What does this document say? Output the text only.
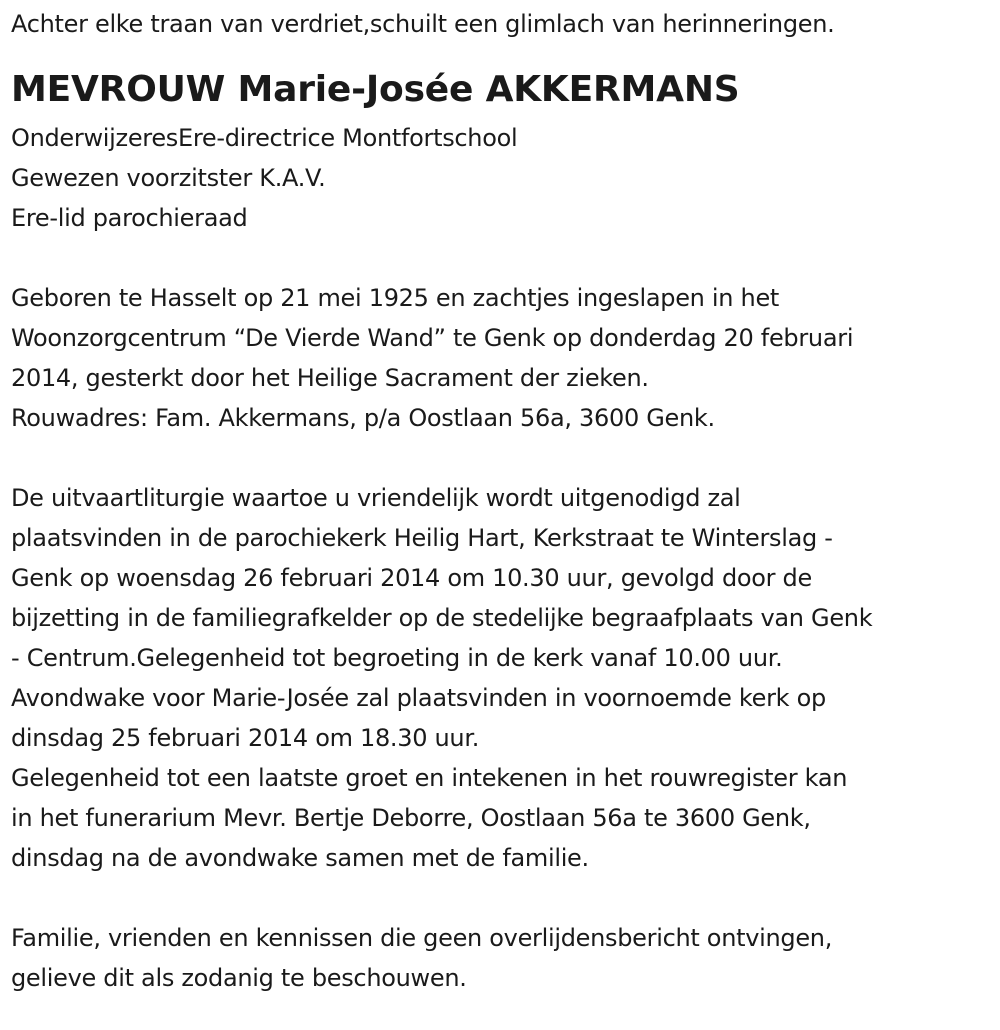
Achter elke traan van verdriet,schuilt een glimlach van herinneringen.

MEVROUW Marie-Josée AKKERMANS

OnderwijzeresEre-directrice Montfortschool

Gewezen voorzitster K.A.V.

Ere-lid parochieraad

Geboren te Hasselt op 21 mei 1925 en zachtjes ingeslapen in het

Woonzorgcentrum “De Vierde Wand” te Genk op donderdag 20 februari

2014, gesterkt door het Heilige Sacrament der zieken.

Rouwadres: Fam. Akkermans, p/a Oostlaan 56a, 3600 Genk.

De uitvaartliturgie waartoe u vriendelijk wordt uitgenodigd zal

plaatsvinden in de parochiekerk Heilig Hart, Kerkstraat te Winterslag -

Genk op woensdag 26 februari 2014 om 10.30 uur, gevolgd door de

bijzetting in de familiegrafkelder op de stedelijke begraafplaats van Genk

- Centrum.Gelegenheid tot begroeting in de kerk vanaf 10.00 uur.

Avondwake voor Marie-Josée zal plaatsvinden in voornoemde kerk op

dinsdag 25 februari 2014 om 18.30 uur.

Gelegenheid tot een laatste groet en intekenen in het rouwregister kan

in het funerarium Mevr. Bertje Deborre, Oostlaan 56a te 3600 Genk,

dinsdag na de avondwake samen met de familie.

Familie, vrienden en kennissen die geen overlijdensbericht ontvingen,

gelieve dit als zodanig te beschouwen.
